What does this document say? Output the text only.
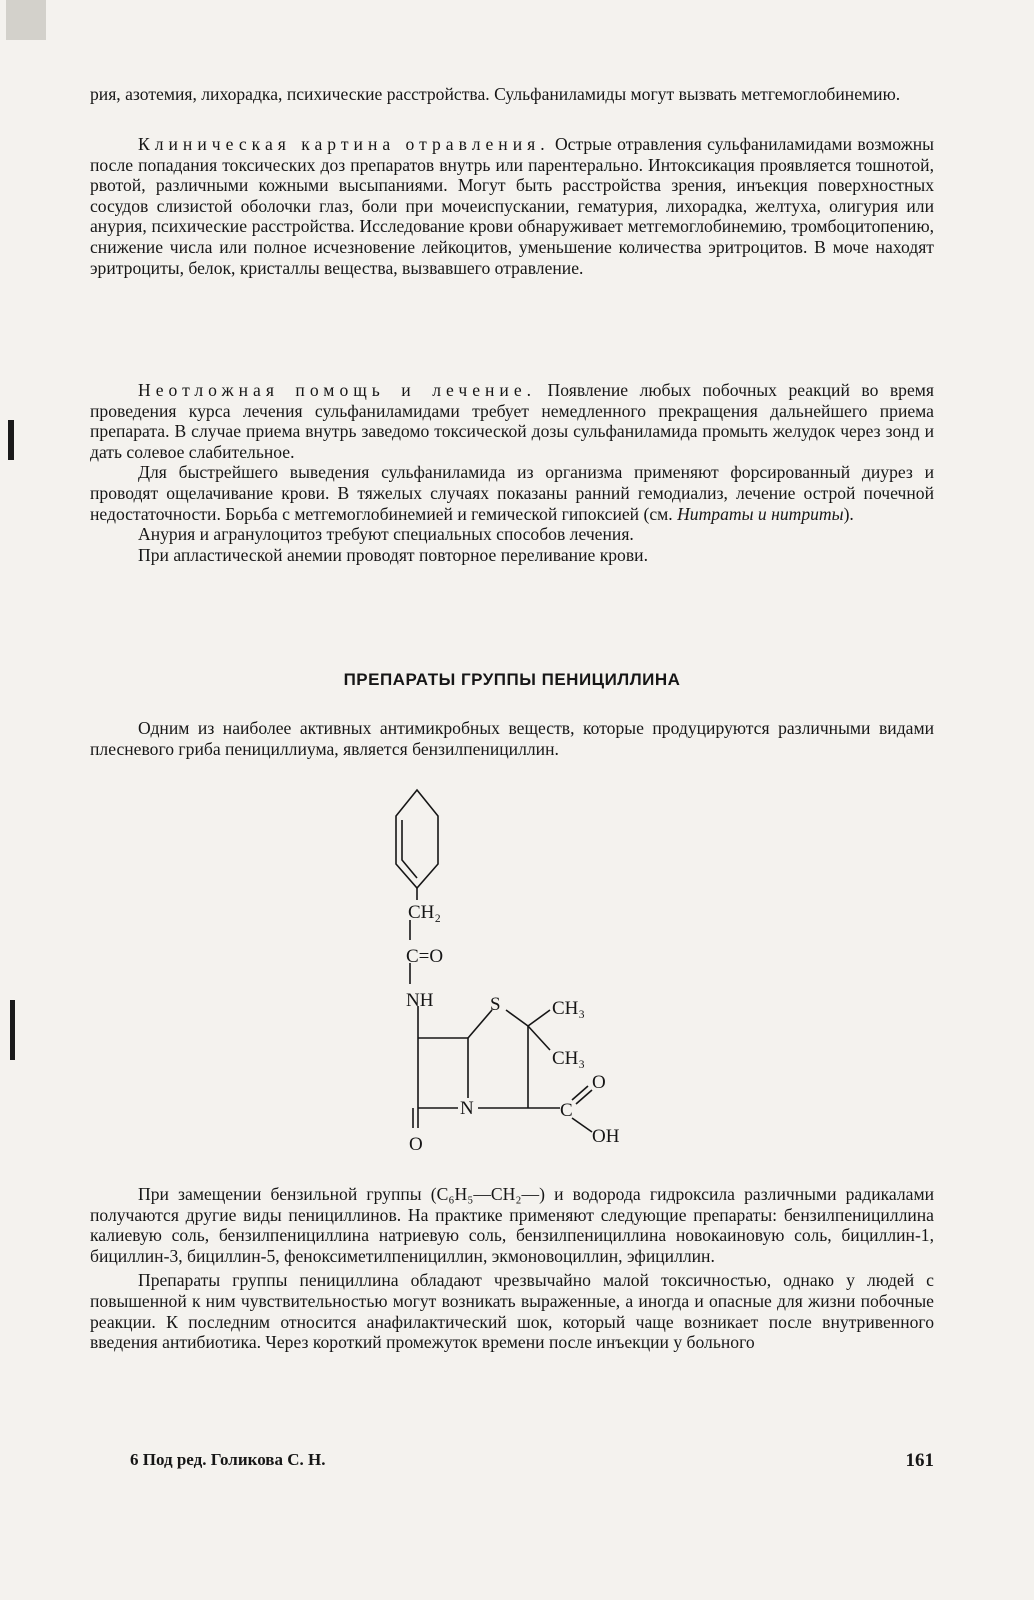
рия, азотемия, лихорадка, психические расстройства. Сульфаниламиды могут вызвать метгемоглобинемию.

Клиническая картина отравления. Острые отравления сульфаниламидами возможны после попадания токсических доз препаратов внутрь или парентерально. Интоксикация проявляется тошнотой, рвотой, различными кожными высыпаниями. Могут быть расстройства зрения, инъекция поверхностных сосудов слизистой оболочки глаз, боли при мочеиспускании, гематурия, лихорадка, желтуха, олигурия или анурия, психические расстройства. Исследование крови обнаруживает метгемоглобинемию, тромбоцитопению, снижение числа или полное исчезновение лейкоцитов, уменьшение количества эритроцитов. В моче находят эритроциты, белок, кристаллы вещества, вызвавшего отравление.

Неотложная помощь и лечение. Появление любых побочных реакций во время проведения курса лечения сульфаниламидами требует немедленного прекращения дальнейшего приема препарата. В случае приема внутрь заведомо токсической дозы сульфаниламида промыть желудок через зонд и дать солевое слабительное.

Для быстрейшего выведения сульфаниламида из организма применяют форсированный диурез и проводят ощелачивание крови. В тяжелых случаях показаны ранний гемодиализ, лечение острой почечной недостаточности. Борьба с метгемоглобинемией и гемической гипоксией (см. Нитраты и нитриты).

Анурия и агранулоцитоз требуют специальных способов лечения.

При апластической анемии проводят повторное переливание крови.

ПРЕПАРАТЫ ГРУППЫ ПЕНИЦИЛЛИНА

Одним из наиболее активных антимикробных веществ, которые продуцируются различными видами плесневого гриба пенициллиума, является бензилпенициллин.

CH₂
C=O
NH	S	CH₃
CH₃
N	C
O
OH
O

При замещении бензильной группы (C₆H₅—CH₂—) и водорода гидроксила различными радикалами получаются другие виды пенициллинов. На практике применяют следующие препараты: бензилпенициллина калиевую соль, бензилпенициллина натриевую соль, бензилпенициллина новокаиновую соль, бициллин-1, бициллин-3, бициллин-5, феноксиметилпенициллин, экмоновоциллин, эфициллин.

Препараты группы пенициллина обладают чрезвычайно малой токсичностью, однако у людей с повышенной к ним чувствительностью могут возникать выраженные, а иногда и опасные для жизни побочные реакции. К последним относится анафилактический шок, который чаще возникает после внутривенного введения антибиотика. Через короткий промежуток времени после инъекции у больного

6 Под ред. Голикова С. Н.	161
